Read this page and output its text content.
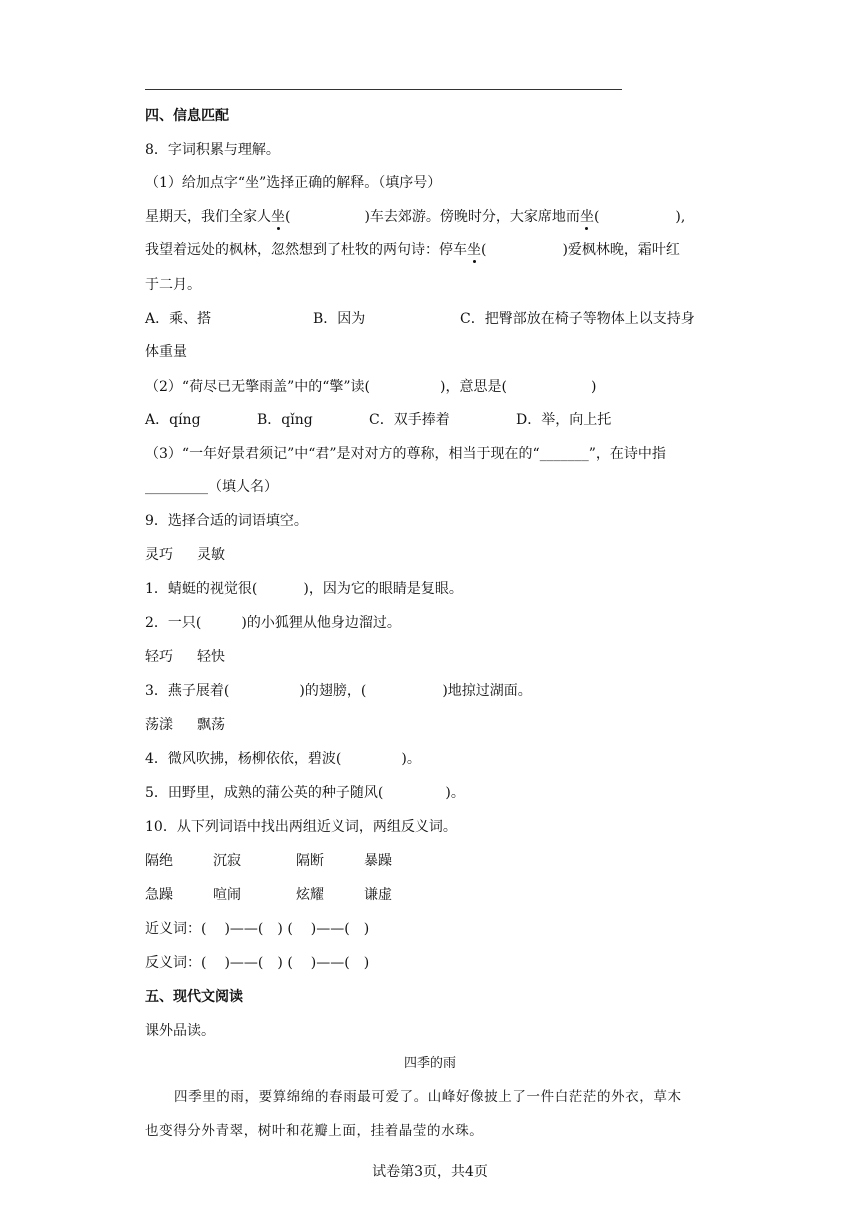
四、信息匹配
8．字词积累与理解。
（1）给加点字“坐”选择正确的解释。（填序号）
星期天，我们全家人坐(	)车去郊游。傍晚时分，大家席地而坐(	),
我望着远处的枫林，忽然想到了杜牧的两句诗：停车坐(	)爱枫林晚，霜叶红
于二月。
A．乘、搭	B．因为	C．把臀部放在椅子等物体上以支持身
体重量
（2）“荷尽已无擎雨盖”中的“擎”读(	)，意思是(	)
A．qíng	B．qǐng	C．双手捧着	D．举，向上托
（3）“一年好景君须记”中“君”是对对方的尊称，相当于现在的“_______”，在诗中指
_________（填人名）
9．选择合适的词语填空。
灵巧 灵敏
1．蜻蜓的视觉很(	)，因为它的眼睛是复眼。
2．一只(	)的小狐狸从他身边溜过。
轻巧 轻快
3．燕子展着(	)的翅膀，(	)地掠过湖面。
荡漾 飘荡
4．微风吹拂，杨柳依依，碧波(	)。
5．田野里，成熟的蒲公英的种子随风(	)。
10．从下列词语中找出两组近义词，两组反义词。
隔绝	沉寂	隔断	暴躁
急躁	喧闹	炫耀	谦虚
近义词：( )——( ) ( )——( )
反义词：( )——( ) ( )——( )
五、现代文阅读
课外品读。
四季的雨
四季里的雨，要算绵绵的春雨最可爱了。山峰好像披上了一件白茫茫的外衣，草木
也变得分外青翠，树叶和花瓣上面，挂着晶莹的水珠。
试卷第3页，共4页
